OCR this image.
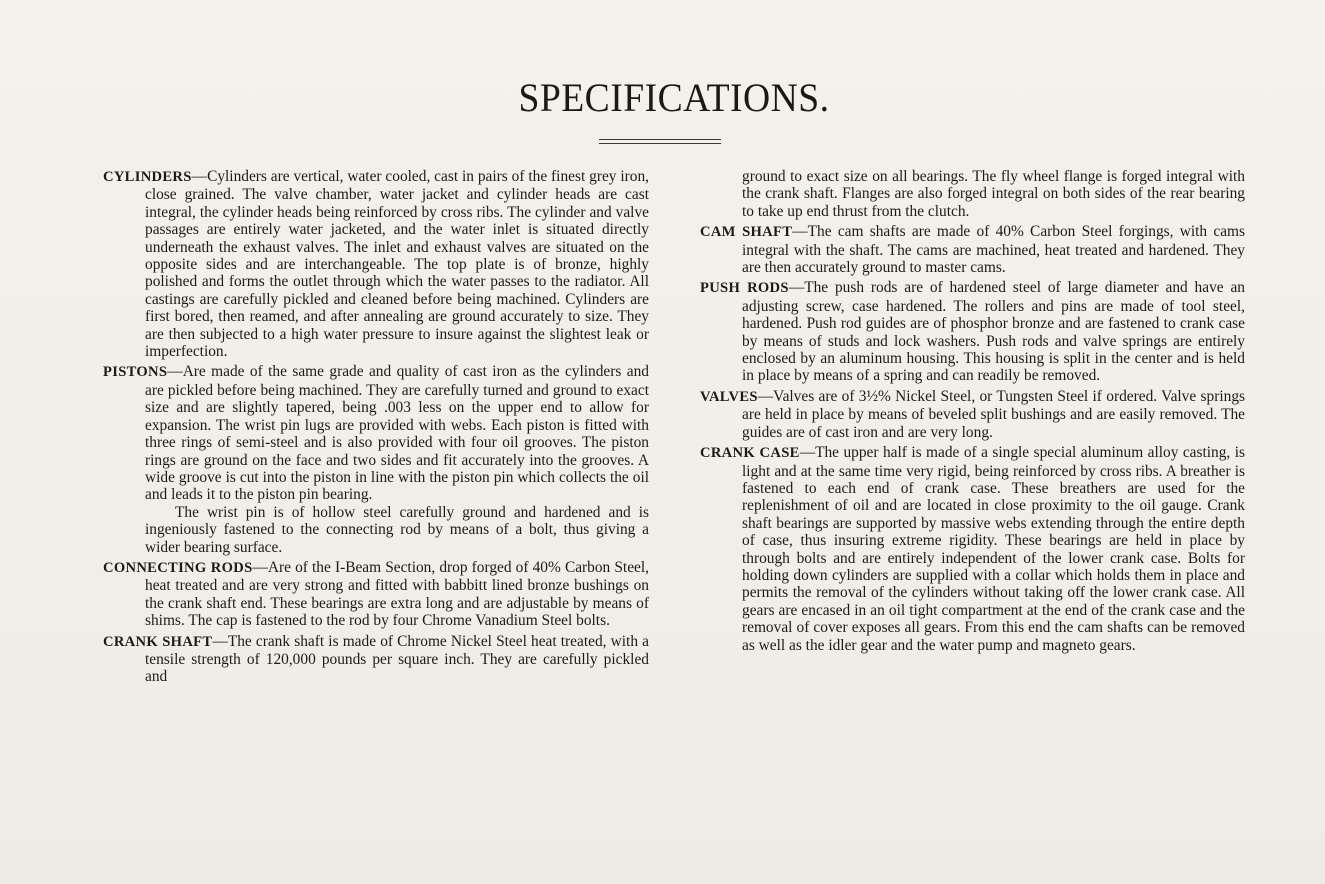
SPECIFICATIONS.

CYLINDERS—Cylinders are vertical, water cooled, cast in pairs of the finest grey iron, close grained. The valve chamber, water jacket and cylinder heads are cast integral, the cylinder heads being reinforced by cross ribs. The cylinder and valve passages are entirely water jacketed, and the water inlet is situated directly underneath the exhaust valves. The inlet and exhaust valves are situated on the opposite sides and are interchangeable. The top plate is of bronze, highly polished and forms the outlet through which the water passes to the radiator. All castings are carefully pickled and cleaned before being machined. Cylinders are first bored, then reamed, and after annealing are ground accurately to size. They are then subjected to a high water pressure to insure against the slightest leak or imperfection.

PISTONS—Are made of the same grade and quality of cast iron as the cylinders and are pickled before being machined. They are carefully turned and ground to exact size and are slightly tapered, being .003 less on the upper end to allow for expansion. The wrist pin lugs are provided with webs. Each piston is fitted with three rings of semi-steel and is also provided with four oil grooves. The piston rings are ground on the face and two sides and fit accurately into the grooves. A wide groove is cut into the piston in line with the piston pin which collects the oil and leads it to the piston pin bearing.

The wrist pin is of hollow steel carefully ground and hardened and is ingeniously fastened to the connecting rod by means of a bolt, thus giving a wider bearing surface.

CONNECTING RODS—Are of the I-Beam Section, drop forged of 40% Carbon Steel, heat treated and are very strong and fitted with babbitt lined bronze bushings on the crank shaft end. These bearings are extra long and are adjustable by means of shims. The cap is fastened to the rod by four Chrome Vanadium Steel bolts.

CRANK SHAFT—The crank shaft is made of Chrome Nickel Steel heat treated, with a tensile strength of 120,000 pounds per square inch. They are carefully pickled and

ground to exact size on all bearings. The fly wheel flange is forged integral with the crank shaft. Flanges are also forged integral on both sides of the rear bearing to take up end thrust from the clutch.

CAM SHAFT—The cam shafts are made of 40% Carbon Steel forgings, with cams integral with the shaft. The cams are machined, heat treated and hardened. They are then accurately ground to master cams.

PUSH RODS—The push rods are of hardened steel of large diameter and have an adjusting screw, case hardened. The rollers and pins are made of tool steel, hardened. Push rod guides are of phosphor bronze and are fastened to crank case by means of studs and lock washers. Push rods and valve springs are entirely enclosed by an aluminum housing. This housing is split in the center and is held in place by means of a spring and can readily be removed.

VALVES—Valves are of 3½% Nickel Steel, or Tungsten Steel if ordered. Valve springs are held in place by means of beveled split bushings and are easily removed. The guides are of cast iron and are very long.

CRANK CASE—The upper half is made of a single special aluminum alloy casting, is light and at the same time very rigid, being reinforced by cross ribs. A breather is fastened to each end of crank case. These breathers are used for the replenishment of oil and are located in close proximity to the oil gauge. Crank shaft bearings are supported by massive webs extending through the entire depth of case, thus insuring extreme rigidity. These bearings are held in place by through bolts and are entirely independent of the lower crank case. Bolts for holding down cylinders are supplied with a collar which holds them in place and permits the removal of the cylinders without taking off the lower crank case. All gears are encased in an oil tight compartment at the end of the crank case and the removal of cover exposes all gears. From this end the cam shafts can be removed as well as the idler gear and the water pump and magneto gears.
